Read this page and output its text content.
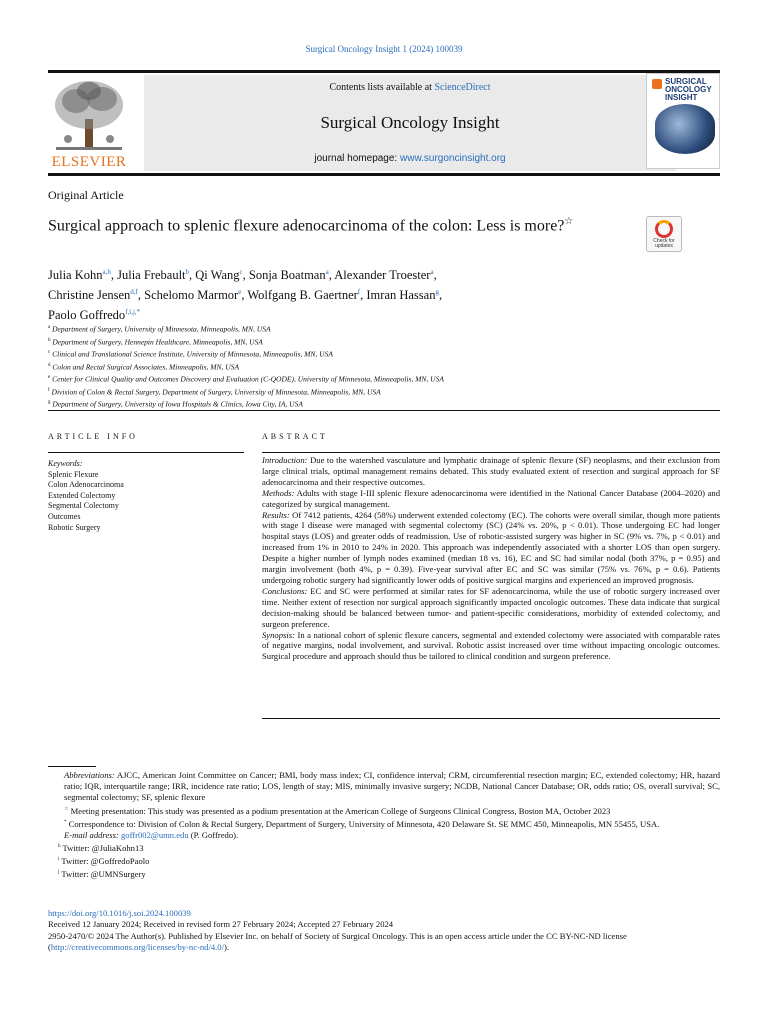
Surgical Oncology Insight 1 (2024) 100039
ELSEVIER
Contents lists available at ScienceDirect
Surgical Oncology Insight
journal homepage: www.surgoncinsight.org
SURGICAL ONCOLOGY INSIGHT
Original Article
Surgical approach to splenic flexure adenocarcinoma of the colon: Less is more?☆
Check for updates
Julia Kohn$^{a,h}$, Julia Frebault$^b$, Qi Wang$^c$, Sonja Boatman$^a$, Alexander Troester$^a$,
Christine Jensen$^{d,f}$, Schelomo Marmor$^e$, Wolfgang B. Gaertner$^f$, Imran Hassan$^g$,
Paolo Goffredo$^{f,i,j,*}$
$^a$ Department of Surgery, University of Minnesota, Minneapolis, MN, USA
$^b$ Department of Surgery, Hennepin Healthcare, Minneapolis, MN, USA
$^c$ Clinical and Translational Science Institute, University of Minnesota, Minneapolis, MN, USA
$^d$ Colon and Rectal Surgical Associates, Minneapolis, MN, USA
$^e$ Center for Clinical Quality and Outcomes Discovery and Evaluation (C-QODE), University of Minnesota, Minneapolis, MN, USA
$^f$ Division of Colon & Rectal Surgery, Department of Surgery, University of Minnesota, Minneapolis, MN, USA
$^g$ Department of Surgery, University of Iowa Hospitals & Clinics, Iowa City, IA, USA
ARTICLE INFO	ABSTRACT
Keywords:
Splenic Flexure
Colon Adenocarcinoma
Extended Colectomy
Segmental Colectomy
Outcomes
Robotic Surgery

Introduction: Due to the watershed vasculature and lymphatic drainage of splenic flexure (SF) neoplasms, and their exclusion from large clinical trials, optimal management remains debated. This study evaluated extent of resection and surgical approach for SF adenocarcinoma and their respective outcomes.

Methods: Adults with stage I-III splenic flexure adenocarcinoma were identified in the National Cancer Database (2004–2020) and categorized by surgical management.

Results: Of 7412 patients, 4264 (58%) underwent extended colectomy (EC). The cohorts were overall similar, though more patients with stage I disease were managed with segmental colectomy (SC) (24% vs. 20%, p < 0.01). Those undergoing EC had longer hospital stays (LOS) and greater odds of readmission. Use of robotic-assisted surgery was higher in SC (9% vs. 7%, p < 0.01) and increased from 1% in 2010 to 24% in 2020. This approach was independently associated with a shorter LOS than open surgery. Despite a higher number of lymph nodes examined (median 18 vs. 16), EC and SC had similar nodal (both 37%, p = 0.95) and margin involvement (both 4%, p = 0.39). Five-year survival after EC and SC was similar (75% vs. 76%, p = 0.6). Patients undergoing robotic surgery had significantly lower odds of positive surgical margins and experienced an improved prognosis.

Conclusions: EC and SC were performed at similar rates for SF adenocarcinoma, while the use of robotic surgery increased over time. Neither extent of resection nor surgical approach significantly impacted oncologic outcomes. These data indicate that surgical decision-making should be balanced between tumor- and patient-specific considerations, morbidity of extended colectomy, and surgeon preference.

Synopsis: In a national cohort of splenic flexure cancers, segmental and extended colectomy were associated with comparable rates of negative margins, nodal involvement, and survival. Robotic assist increased over time without impacting oncologic outcomes. Surgical procedure and approach should thus be tailored to clinical condition and surgeon preference.

Abbreviations: AJCC, American Joint Committee on Cancer; BMI, body mass index; CI, confidence interval; CRM, circumferential resection margin; EC, extended colectomy; HR, hazard ratio; IQR, interquartile range; IRR, incidence rate ratio; LOS, length of stay; MIS, minimally invasive surgery; NCDB, National Cancer Database; OR, odds ratio; OS, overall survival; SC, segmental colectomy; SF, splenic flexure

☆ Meeting presentation: This study was presented as a podium presentation at the American College of Surgeons Clinical Congress, Boston MA, October 2023

* Correspondence to: Division of Colon & Rectal Surgery, Department of Surgery, University of Minnesota, 420 Delaware St. SE MMC 450, Minneapolis, MN 55455, USA.

E-mail address: goffr002@umn.edu (P. Goffredo).

$^h$ Twitter: @JuliaKohn13

$^i$ Twitter: @GoffredoPaolo

$^j$ Twitter: @UMNSurgery

https://doi.org/10.1016/j.soi.2024.100039
Received 12 January 2024; Received in revised form 27 February 2024; Accepted 27 February 2024
2950-2470/© 2024 The Author(s). Published by Elsevier Inc. on behalf of Society of Surgical Oncology. This is an open access article under the CC BY-NC-ND license (http://creativecommons.org/licenses/by-nc-nd/4.0/).
